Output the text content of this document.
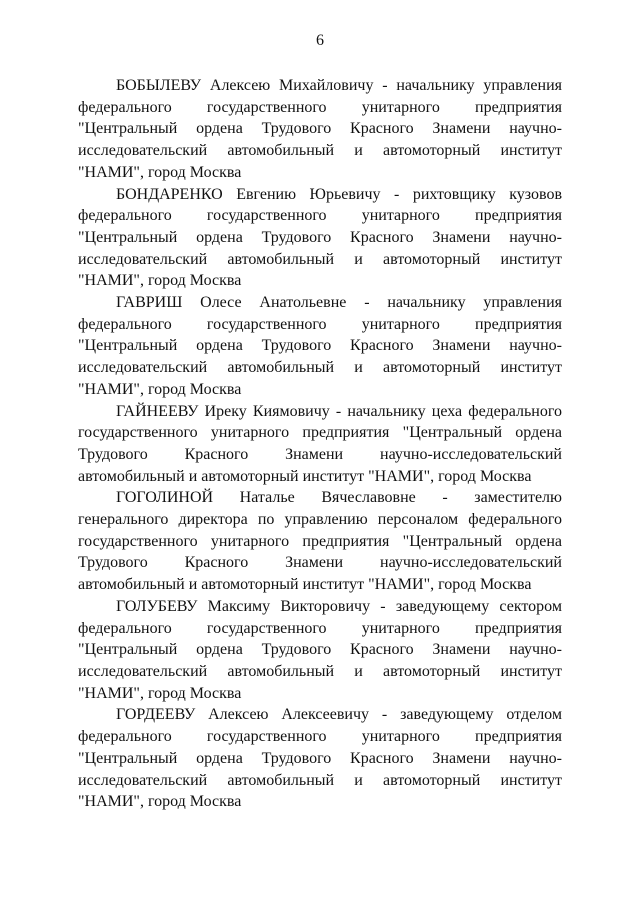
6

БОБЫЛЕВУ Алексею Михайловичу - начальнику управления
федерального государственного унитарного предприятия
"Центральный ордена Трудового Красного Знамени научно-
исследовательский автомобильный и автомоторный институт
"НАМИ", город Москва

БОНДАРЕНКО Евгению Юрьевичу - рихтовщику кузовов
федерального государственного унитарного предприятия
"Центральный ордена Трудового Красного Знамени научно-
исследовательский автомобильный и автомоторный институт
"НАМИ", город Москва

ГАВРИШ Олесе Анатольевне - начальнику управления
федерального государственного унитарного предприятия
"Центральный ордена Трудового Красного Знамени научно-
исследовательский автомобильный и автомоторный институт
"НАМИ", город Москва

ГАЙНЕЕВУ Иреку Киямовичу - начальнику цеха федерального
государственного унитарного предприятия "Центральный ордена
Трудового Красного Знамени научно-исследовательский
автомобильный и автомоторный институт "НАМИ", город Москва

ГОГОЛИНОЙ Наталье Вячеславовне - заместителю
генерального директора по управлению персоналом федерального
государственного унитарного предприятия "Центральный ордена
Трудового Красного Знамени научно-исследовательский
автомобильный и автомоторный институт "НАМИ", город Москва

ГОЛУБЕВУ Максиму Викторовичу - заведующему сектором
федерального государственного унитарного предприятия
"Центральный ордена Трудового Красного Знамени научно-
исследовательский автомобильный и автомоторный институт
"НАМИ", город Москва

ГОРДЕЕВУ Алексею Алексеевичу - заведующему отделом
федерального государственного унитарного предприятия
"Центральный ордена Трудового Красного Знамени научно-
исследовательский автомобильный и автомоторный институт
"НАМИ", город Москва
